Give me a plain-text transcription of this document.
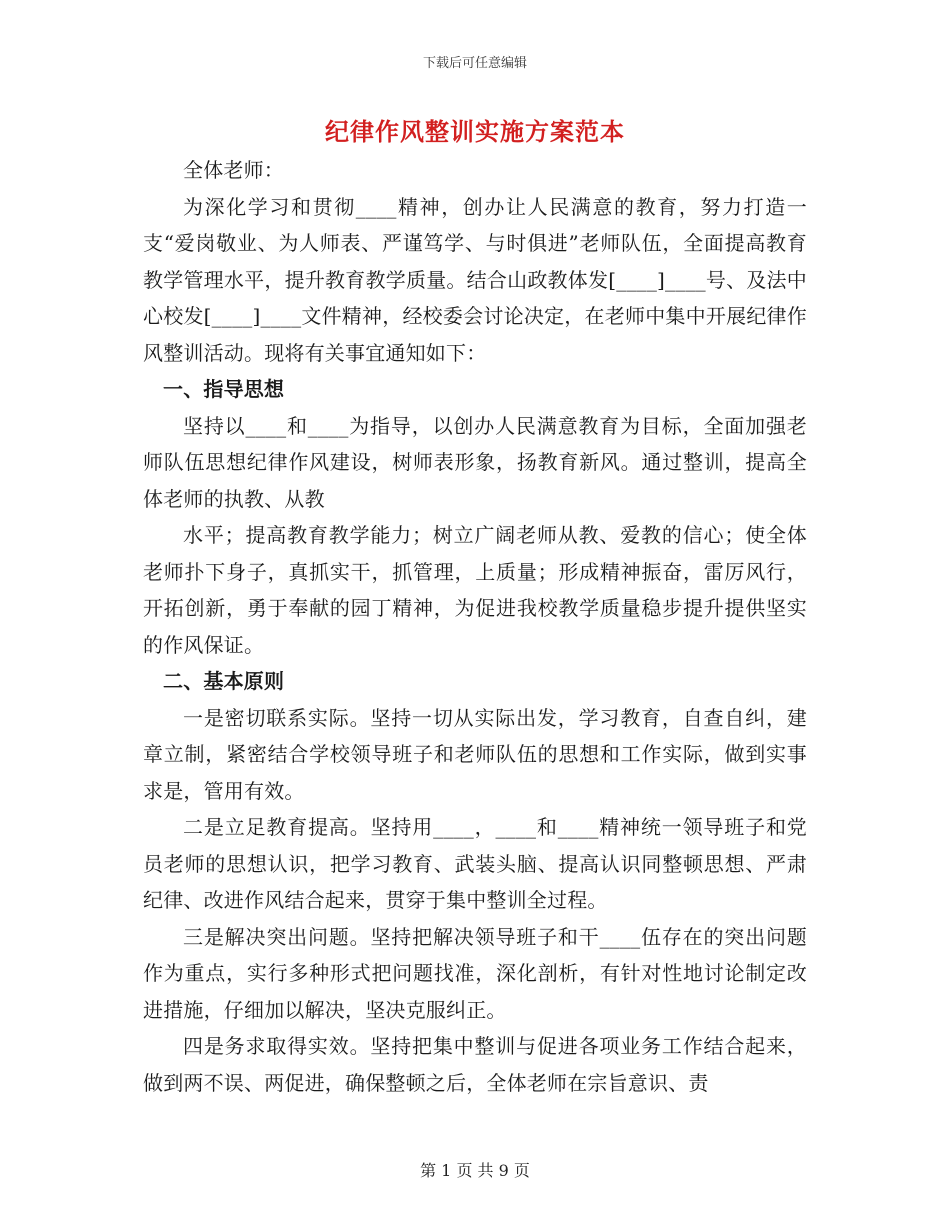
下载后可任意编辑
纪律作风整训实施方案范本

全体老师：

为深化学习和贯彻____精神，创办让人民满意的教育，努力打造一支“爱岗敬业、为人师表、严谨笃学、与时俱进”老师队伍，全面提高教育教学管理水平，提升教育教学质量。结合山政教体发[____]____号、及法中心校发[____]____文件精神，经校委会讨论决定，在老师中集中开展纪律作风整训活动。现将有关事宜通知如下：

一、指导思想

坚持以____和____为指导，以创办人民满意教育为目标，全面加强老师队伍思想纪律作风建设，树师表形象，扬教育新风。通过整训，提高全体老师的执教、从教

水平；提高教育教学能力；树立广阔老师从教、爱教的信心；使全体老师扑下身子，真抓实干，抓管理，上质量；形成精神振奋，雷厉风行，开拓创新，勇于奉献的园丁精神，为促进我校教学质量稳步提升提供坚实的作风保证。

二、基本原则

一是密切联系实际。坚持一切从实际出发，学习教育，自查自纠，建章立制，紧密结合学校领导班子和老师队伍的思想和工作实际，做到实事求是，管用有效。

二是立足教育提高。坚持用____，____和____精神统一领导班子和党员老师的思想认识，把学习教育、武装头脑、提高认识同整顿思想、严肃纪律、改进作风结合起来，贯穿于集中整训全过程。

三是解决突出问题。坚持把解决领导班子和干____伍存在的突出问题作为重点，实行多种形式把问题找准，深化剖析，有针对性地讨论制定改进措施，仔细加以解决，坚决克服纠正。

四是务求取得实效。坚持把集中整训与促进各项业务工作结合起来，做到两不误、两促进，确保整顿之后，全体老师在宗旨意识、责

第 1 页 共 9 页
